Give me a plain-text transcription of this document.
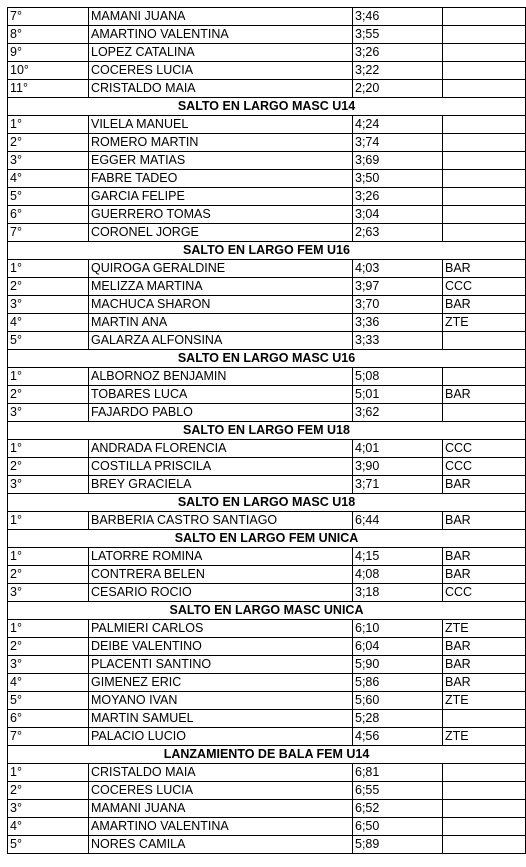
7°	MAMANI JUANA	3;46	
8°	AMARTINO VALENTINA	3;55	
9°	LOPEZ CATALINA	3;26	
10°	COCERES LUCIA	3;22	
11°	CRISTALDO MAIA	2;20	
SALTO EN LARGO MASC U14			
1°	VILELA MANUEL	4;24	
2°	ROMERO MARTIN	3;74	
3°	EGGER MATIAS	3;69	
4°	FABRE TADEO	3;50	
5°	GARCIA FELIPE	3;26	
6°	GUERRERO TOMAS	3;04	
7°	CORONEL JORGE	2;63	
SALTO EN LARGO FEM U16			
1°	QUIROGA GERALDINE	4;03	BAR
2°	MELIZZA MARTINA	3;97	CCC
3°	MACHUCA SHARON	3;70	BAR
4°	MARTIN ANA	3;36	ZTE
5°	GALARZA ALFONSINA	3;33	
SALTO EN LARGO MASC U16			
1°	ALBORNOZ BENJAMIN	5;08	
2°	TOBARES LUCA	5;01	BAR
3°	FAJARDO PABLO	3;62	
SALTO EN LARGO FEM U18			
1°	ANDRADA FLORENCIA	4;01	CCC
2°	COSTILLA PRISCILA	3;90	CCC
3°	BREY GRACIELA	3;71	BAR
SALTO EN LARGO MASC U18			
1°	BARBERIA CASTRO SANTIAGO	6;44	BAR
SALTO EN LARGO FEM UNICA			
1°	LATORRE ROMINA	4;15	BAR
2°	CONTRERA BELEN	4;08	BAR
3°	CESARIO ROCIO	3;18	CCC
SALTO EN LARGO MASC UNICA			
1°	PALMIERI CARLOS	6;10	ZTE
2°	DEIBE VALENTINO	6;04	BAR
3°	PLACENTI SANTINO	5;90	BAR
4°	GIMENEZ ERIC	5;86	BAR
5°	MOYANO IVAN	5;60	ZTE
6°	MARTIN SAMUEL	5;28	
7°	PALACIO LUCIO	4;56	ZTE
LANZAMIENTO DE BALA FEM U14			
1°	CRISTALDO MAIA	6;81	
2°	COCERES LUCIA	6;55	
3°	MAMANI JUANA	6;52	
4°	AMARTINO VALENTINA	6;50	
5°	NORES CAMILA	5;89	
